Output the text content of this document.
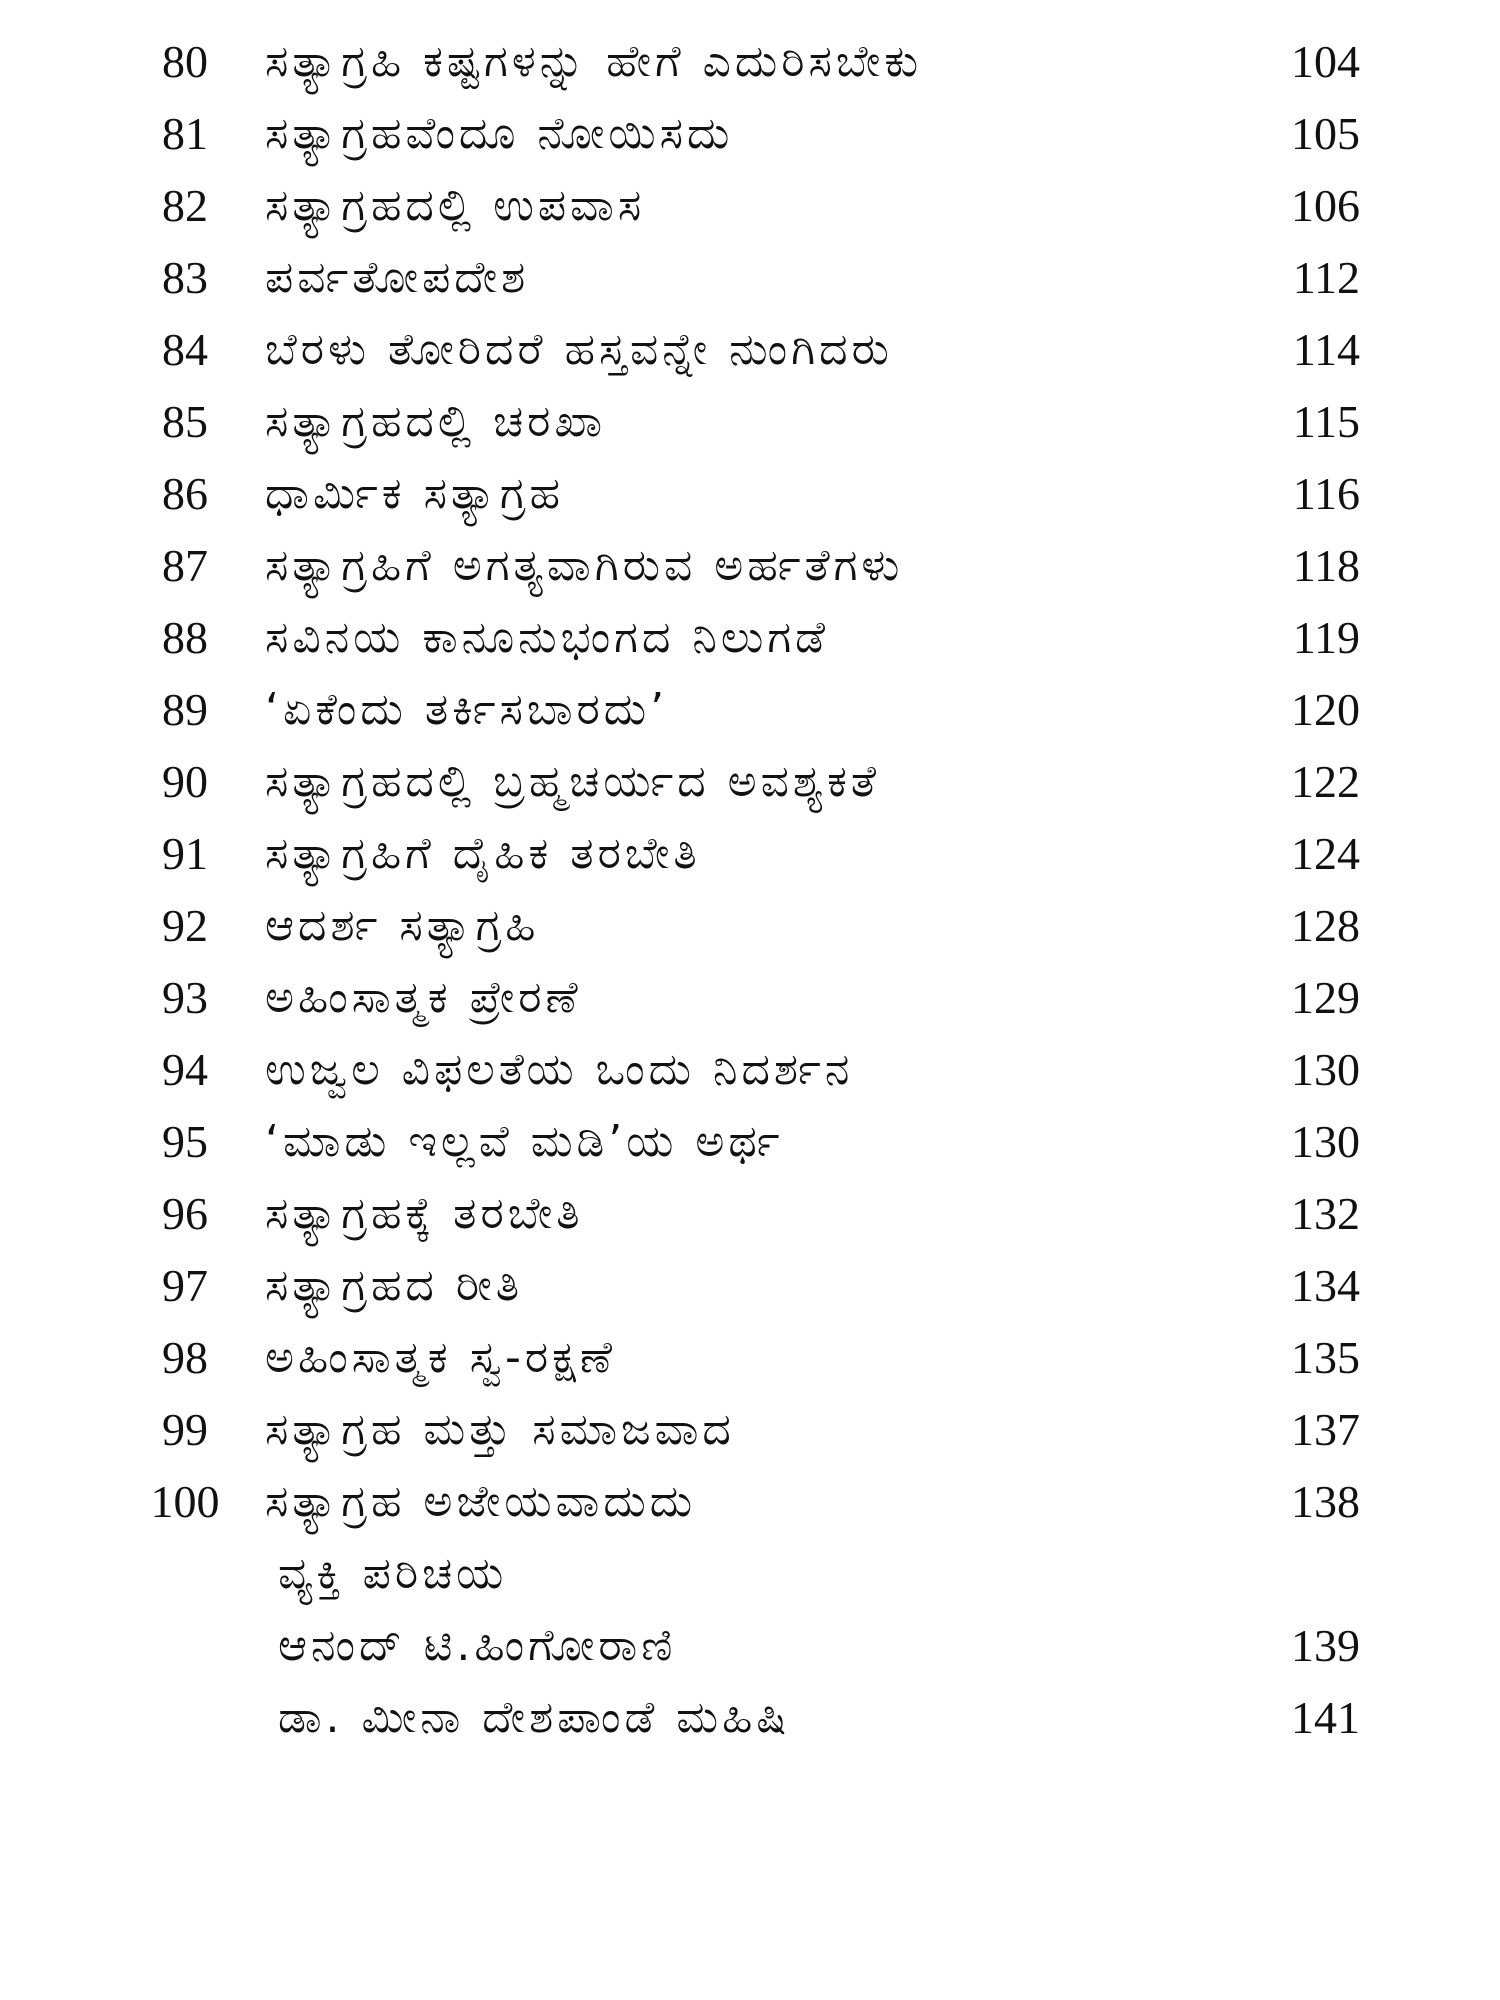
80	ಸತ್ಯಾಗ್ರಹಿ ಕಷ್ಟಗಳನ್ನು ಹೇಗೆ ಎದುರಿಸಬೇಕು	104
81	ಸತ್ಯಾಗ್ರಹವೆಂದೂ ನೋಯಿಸದು	105
82	ಸತ್ಯಾಗ್ರಹದಲ್ಲಿ ಉಪವಾಸ	106
83	ಪರ್ವತೋಪದೇಶ	112
84	ಬೆರಳು ತೋರಿದರೆ ಹಸ್ತವನ್ನೇ ನುಂಗಿದರು	114
85	ಸತ್ಯಾಗ್ರಹದಲ್ಲಿ ಚರಖಾ	115
86	ಧಾರ್ಮಿಕ ಸತ್ಯಾಗ್ರಹ	116
87	ಸತ್ಯಾಗ್ರಹಿಗೆ ಅಗತ್ಯವಾಗಿರುವ ಅರ್ಹತೆಗಳು	118
88	ಸವಿನಯ ಕಾನೂನುಭಂಗದ ನಿಲುಗಡೆ	119
89	‘ಏಕೆಂದು ತರ್ಕಿಸಬಾರದು’	120
90	ಸತ್ಯಾಗ್ರಹದಲ್ಲಿ ಬ್ರಹ್ಮಚರ್ಯದ ಅವಶ್ಯಕತೆ	122
91	ಸತ್ಯಾಗ್ರಹಿಗೆ ದೈಹಿಕ ತರಬೇತಿ	124
92	ಆದರ್ಶ ಸತ್ಯಾಗ್ರಹಿ	128
93	ಅಹಿಂಸಾತ್ಮಕ ಪ್ರೇರಣೆ	129
94	ಉಜ್ವಲ ವಿಫಲತೆಯ ಒಂದು ನಿದರ್ಶನ	130
95	‘ಮಾಡು ಇಲ್ಲವೆ ಮಡಿ’ಯ ಅರ್ಥ	130
96	ಸತ್ಯಾಗ್ರಹಕ್ಕೆ ತರಬೇತಿ	132
97	ಸತ್ಯಾಗ್ರಹದ ರೀತಿ	134
98	ಅಹಿಂಸಾತ್ಮಕ ಸ್ವ-ರಕ್ಷಣೆ	135
99	ಸತ್ಯಾಗ್ರಹ ಮತ್ತು ಸಮಾಜವಾದ	137
100	ಸತ್ಯಾಗ್ರಹ ಅಜೇಯವಾದುದು	138
ವ್ಯಕ್ತಿ ಪರಿಚಯ
ಆನಂದ್ ಟಿ.ಹಿಂಗೋರಾಣಿ	139
ಡಾ. ಮೀನಾ ದೇಶಪಾಂಡೆ ಮಹಿಷಿ	141
